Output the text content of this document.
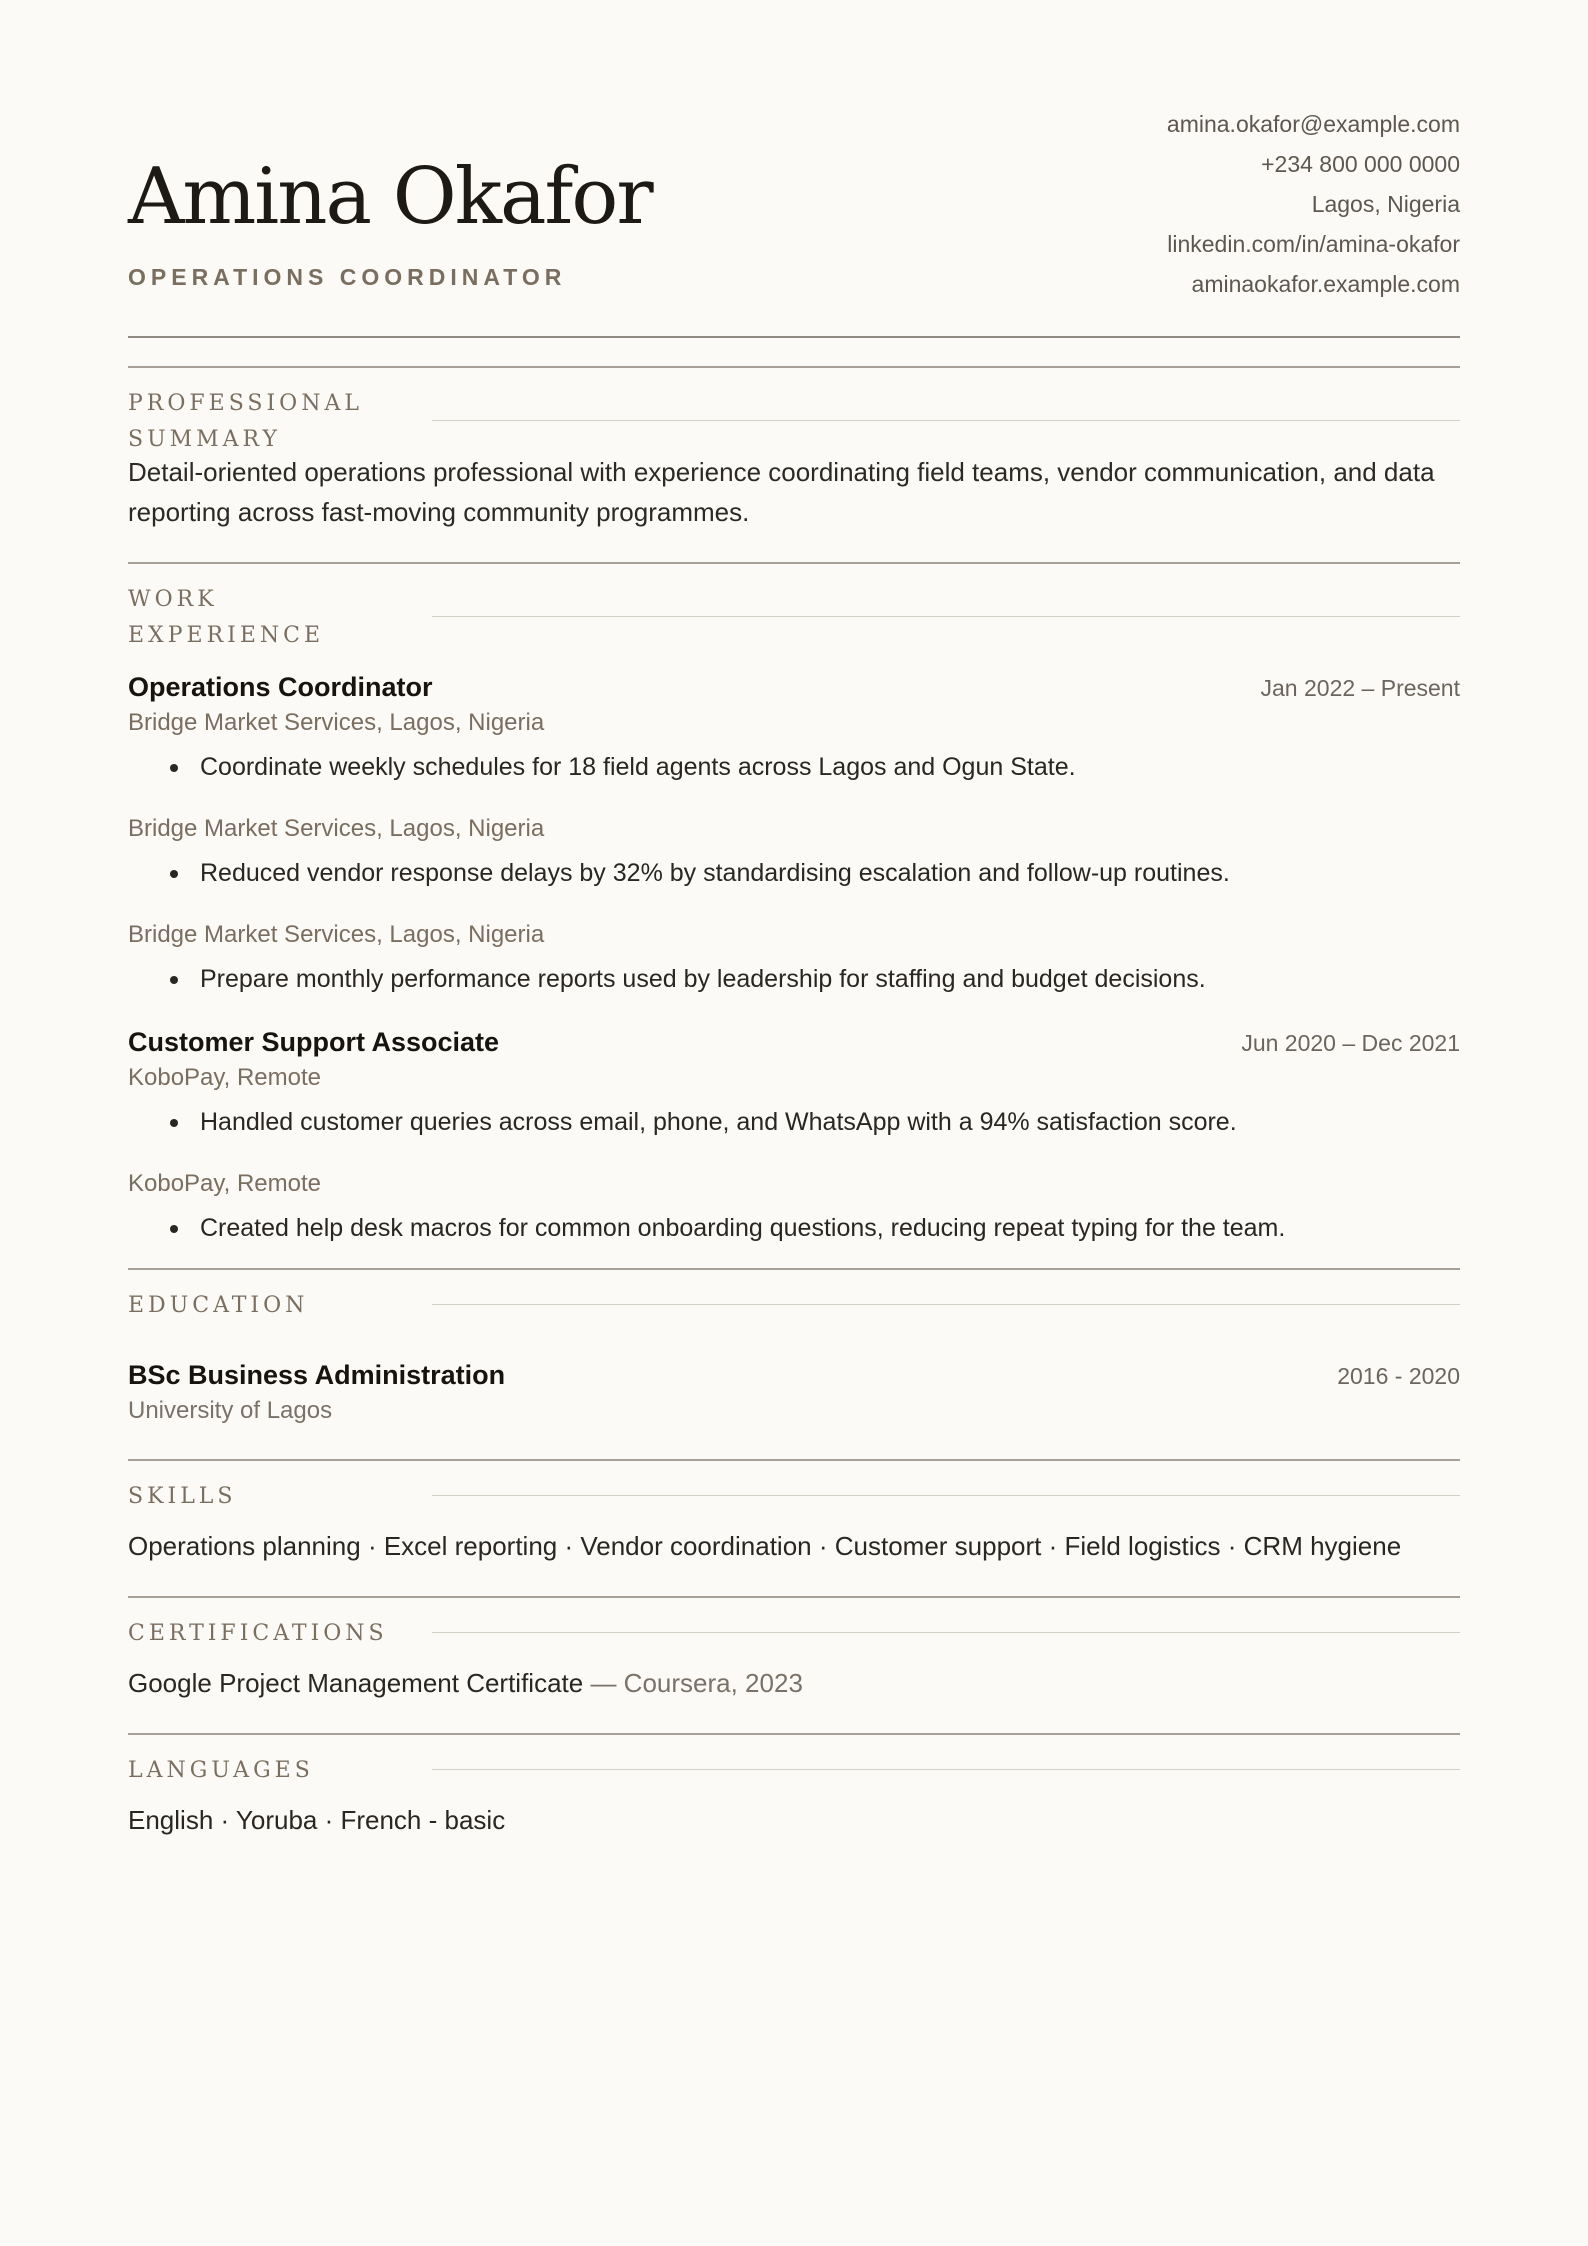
Amina Okafor
OPERATIONS COORDINATOR
amina.okafor@example.com
+234 800 000 0000
Lagos, Nigeria
linkedin.com/in/amina-okafor
aminaokafor.example.com
PROFESSIONAL SUMMARY
Detail-oriented operations professional with experience coordinating field teams, vendor communication, and data reporting across fast-moving community programmes.
WORK EXPERIENCE
Operations Coordinator	Jan 2022 – Present
Bridge Market Services, Lagos, Nigeria
Coordinate weekly schedules for 18 field agents across Lagos and Ogun State.
Bridge Market Services, Lagos, Nigeria
Reduced vendor response delays by 32% by standardising escalation and follow-up routines.
Bridge Market Services, Lagos, Nigeria
Prepare monthly performance reports used by leadership for staffing and budget decisions.
Customer Support Associate	Jun 2020 – Dec 2021
KoboPay, Remote
Handled customer queries across email, phone, and WhatsApp with a 94% satisfaction score.
KoboPay, Remote
Created help desk macros for common onboarding questions, reducing repeat typing for the team.
EDUCATION
BSc Business Administration	2016 - 2020
University of Lagos
SKILLS
Operations planning · Excel reporting · Vendor coordination · Customer support · Field logistics · CRM hygiene
CERTIFICATIONS
Google Project Management Certificate — Coursera, 2023
LANGUAGES
English · Yoruba · French - basic
